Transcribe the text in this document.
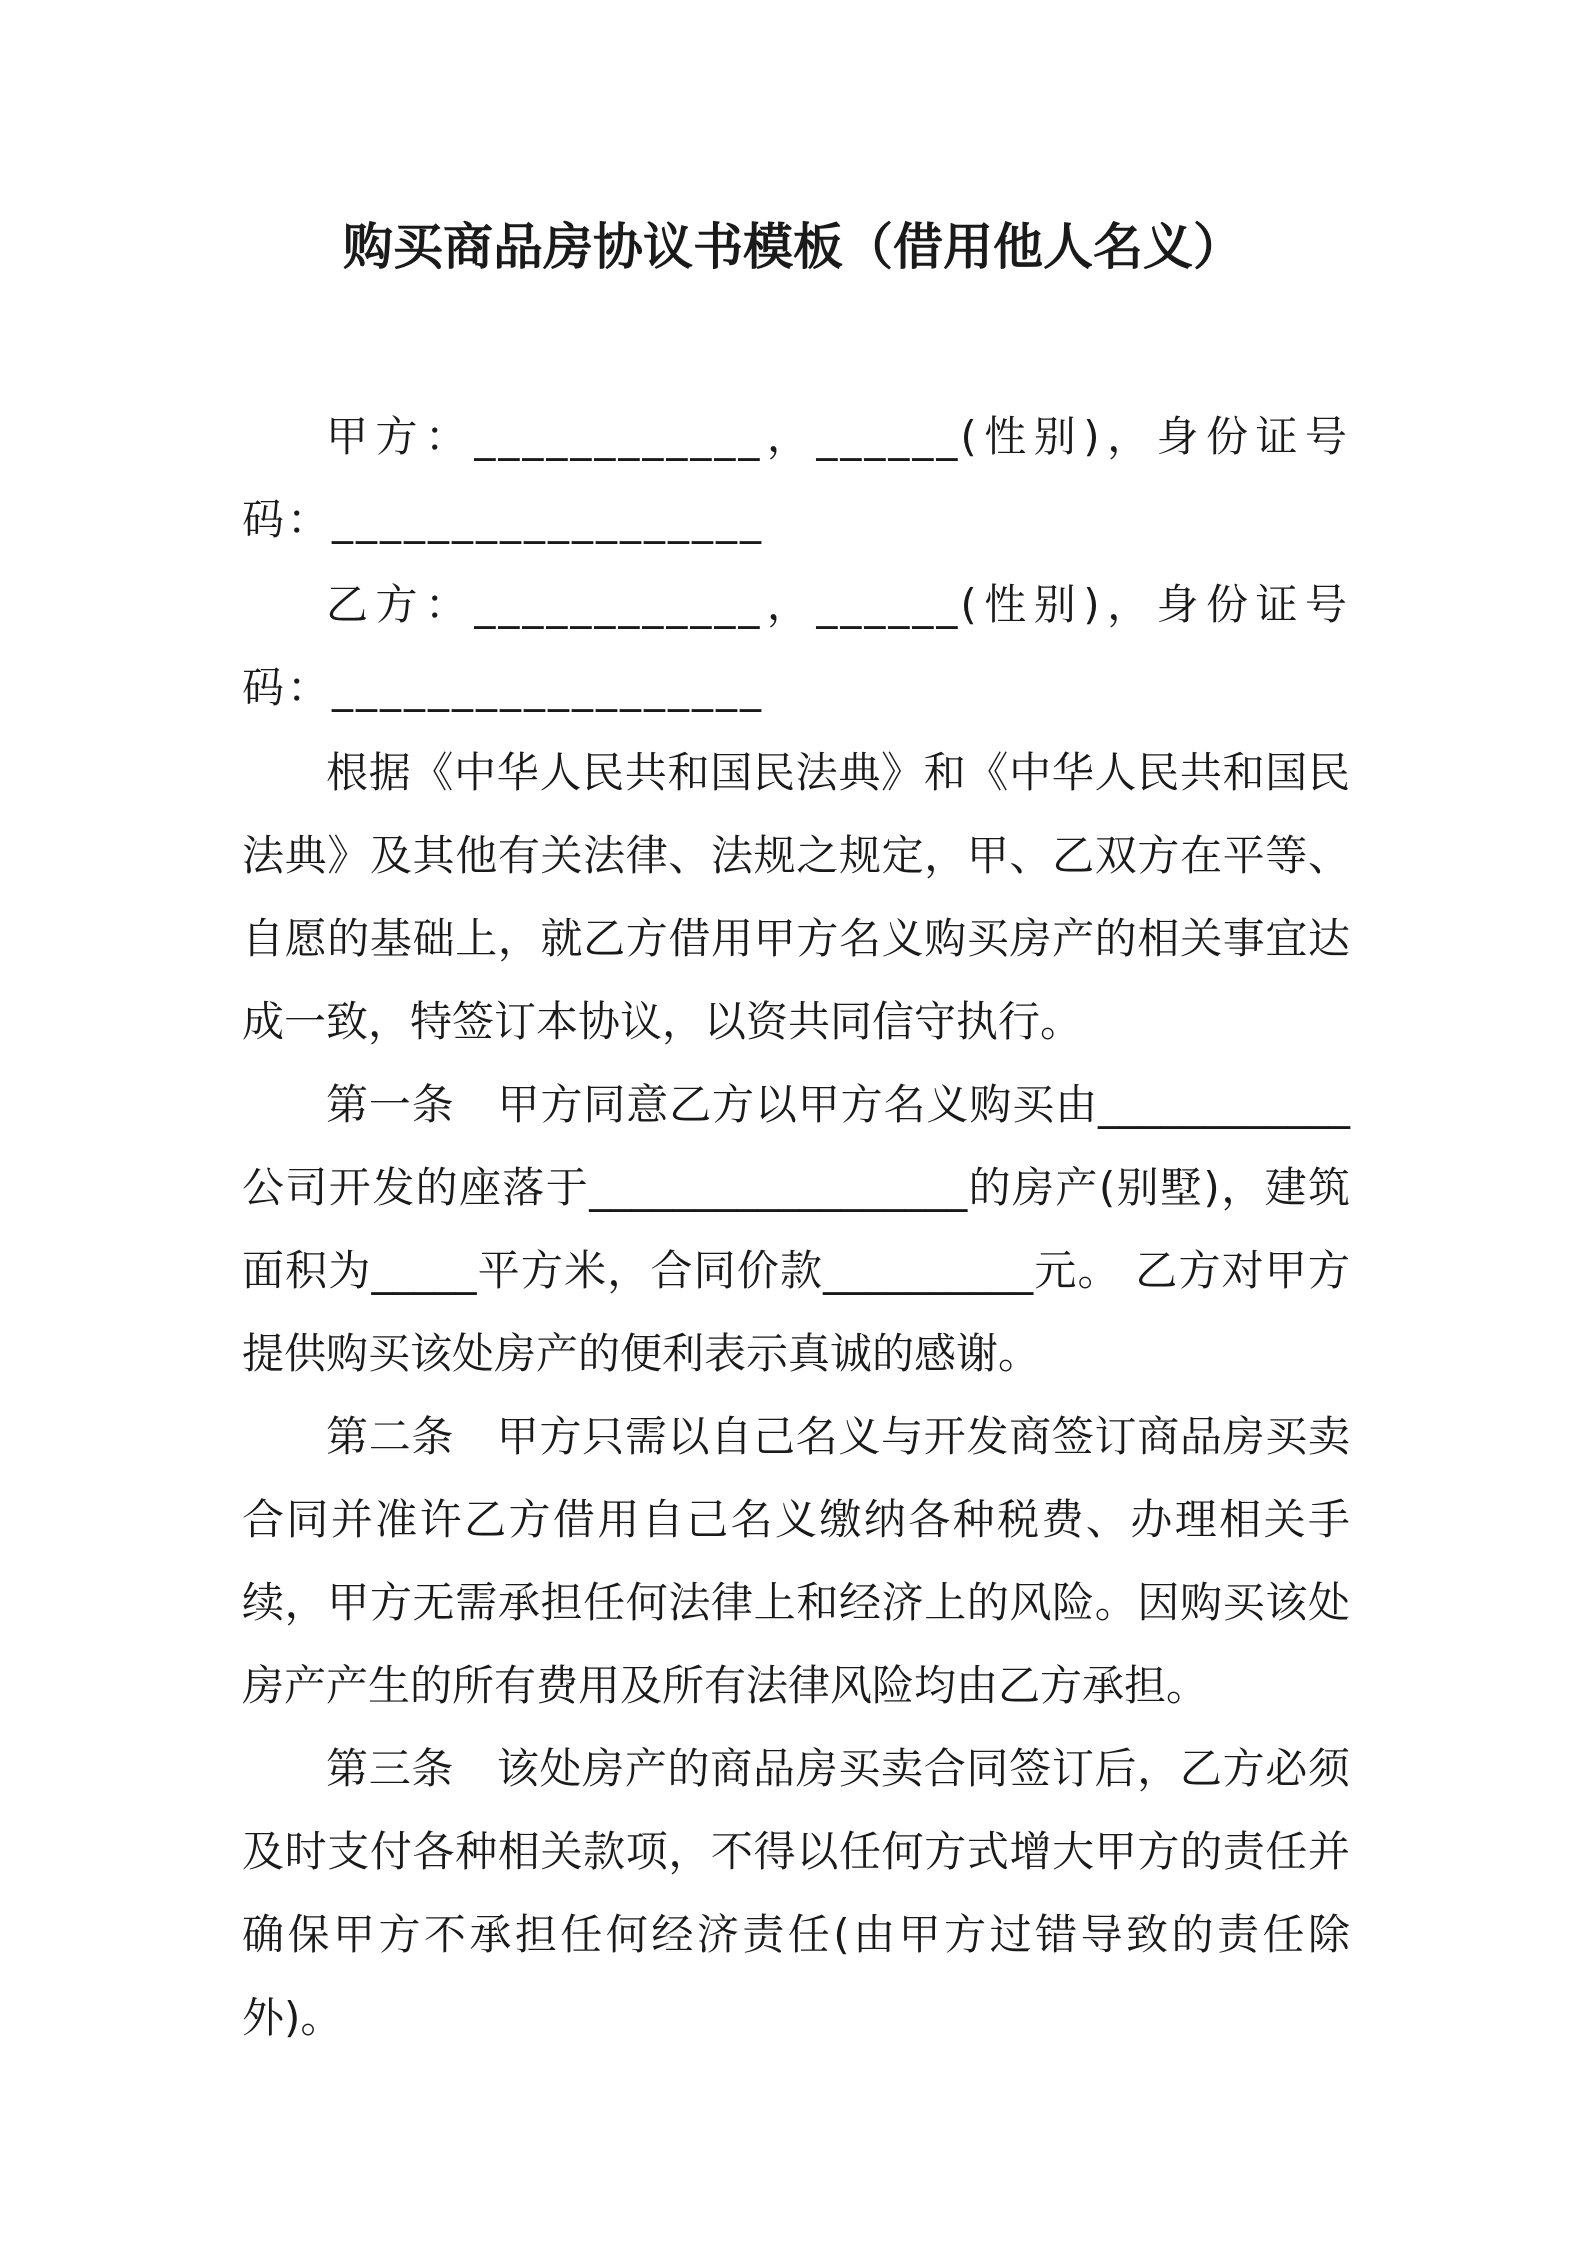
购买商品房协议书模板（借用他人名义）

甲方：____________，______(性别)，身份证号码：__________________

乙方：____________，______(性别)，身份证号码：__________________

根据《中华人民共和国民法典》和《中华人民共和国民法典》及其他有关法律、法规之规定，甲、乙双方在平等、自愿的基础上，就乙方借用甲方名义购买房产的相关事宜达成一致，特签订本协议，以资共同信守执行。

第一条　甲方同意乙方以甲方名义购买由____________公司开发的座落于__________________的房产(别墅)，建筑面积为_____平方米，合同价款__________元。 乙方对甲方提供购买该处房产的便利表示真诚的感谢。

第二条　甲方只需以自己名义与开发商签订商品房买卖合同并准许乙方借用自己名义缴纳各种税费、办理相关手续，甲方无需承担任何法律上和经济上的风险。因购买该处房产产生的所有费用及所有法律风险均由乙方承担。

第三条　该处房产的商品房买卖合同签订后，乙方必须及时支付各种相关款项，不得以任何方式增大甲方的责任并确保甲方不承担任何经济责任(由甲方过错导致的责任除外)。
